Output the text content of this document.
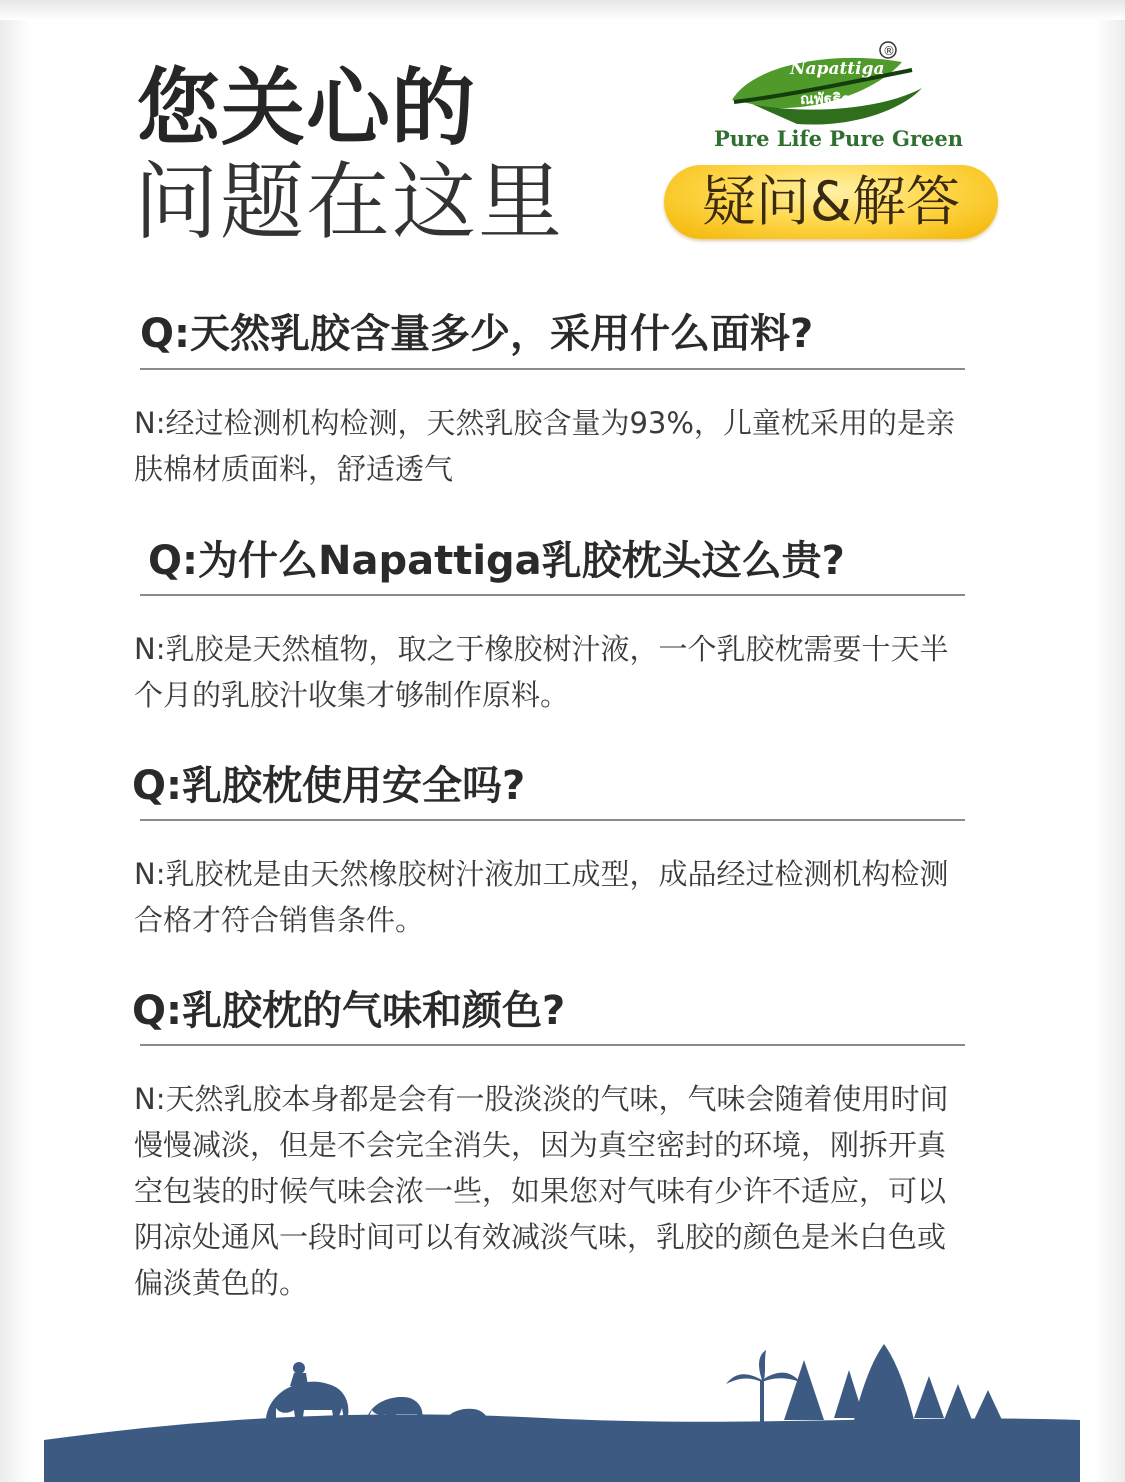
您关心的
问题在这里
Napattiga
ณพัฐธิกา
®
Pure Life Pure Green
疑问&解答
Q:天然乳胶含量多少，采用什么面料?
N:经过检测机构检测，天然乳胶含量为93%，儿童枕采用的是亲肤棉材质面料，舒适透气
Q:为什么Napattiga乳胶枕头这么贵?
N:乳胶是天然植物，取之于橡胶树汁液，一个乳胶枕需要十天半个月的乳胶汁收集才够制作原料。
Q:乳胶枕使用安全吗?
N:乳胶枕是由天然橡胶树汁液加工成型，成品经过检测机构检测合格才符合销售条件。
Q:乳胶枕的气味和颜色?
N:天然乳胶本身都是会有一股淡淡的气味，气味会随着使用时间慢慢减淡，但是不会完全消失，因为真空密封的环境，刚拆开真空包装的时候气味会浓一些，如果您对气味有少许不适应，可以阴凉处通风一段时间可以有效减淡气味，乳胶的颜色是米白色或偏淡黄色的。
